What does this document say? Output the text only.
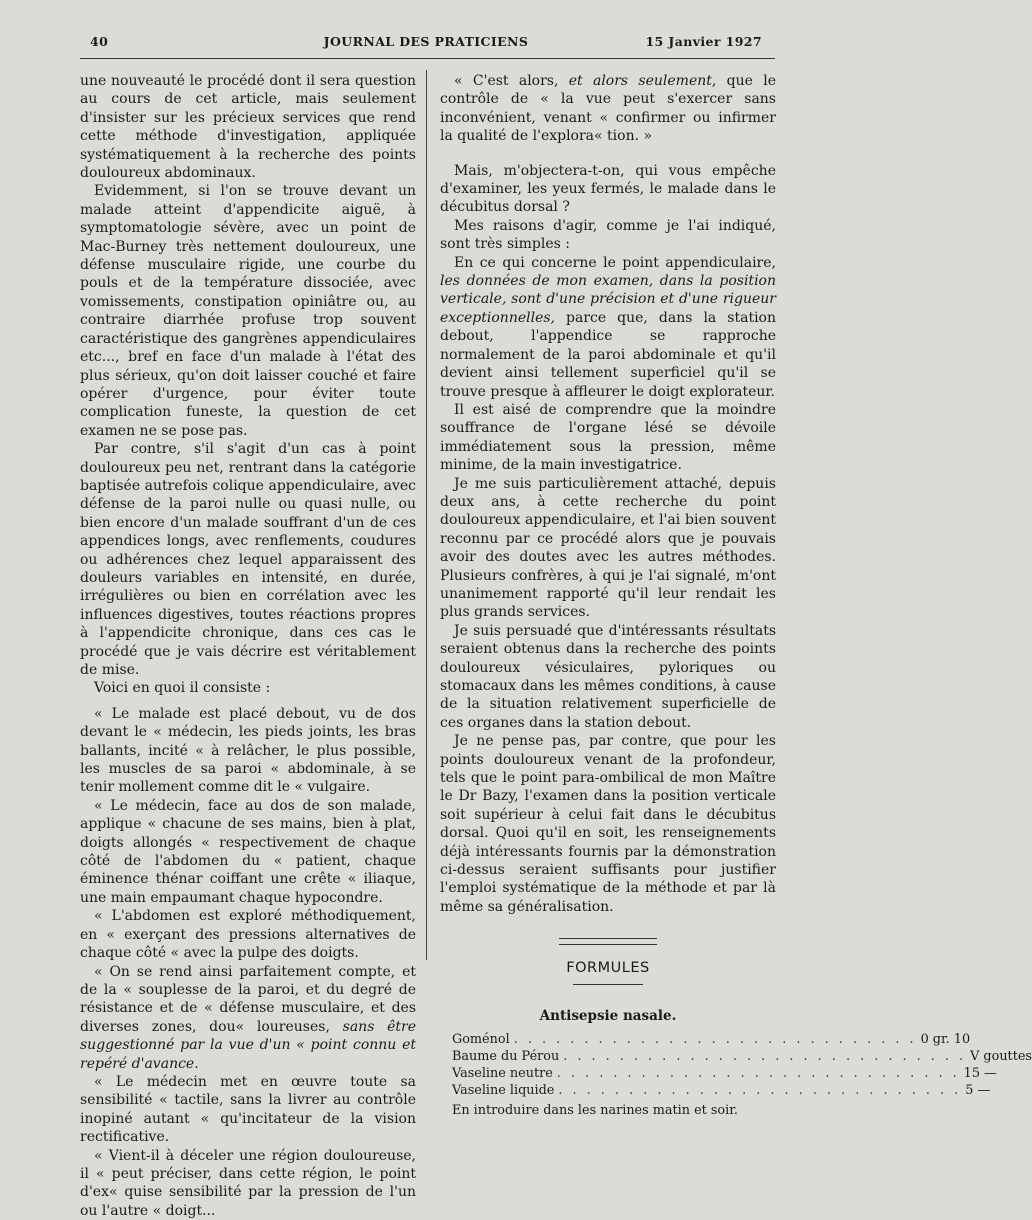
JOURNAL DES PRATICIENS
40	15 Janvier 1927

une nouveauté le procédé dont il sera question au cours de cet article, mais seulement d'insister sur les précieux services que rend cette méthode d'investigation, appliquée systématiquement à la recherche des points douloureux abdominaux.

Evidemment, si l'on se trouve devant un malade atteint d'appendicite aiguë, à symptomatologie sévère, avec un point de Mac-Burney très nettement douloureux, une défense musculaire rigide, une courbe du pouls et de la température dissociée, avec vomissements, constipation opiniâtre ou, au contraire diarrhée profuse trop souvent caractéristique des gangrènes appendiculaires etc..., bref en face d'un malade à l'état des plus sérieux, qu'on doit laisser couché et faire opérer d'urgence, pour éviter toute complication funeste, la question de cet examen ne se pose pas.

Par contre, s'il s'agit d'un cas à point douloureux peu net, rentrant dans la catégorie baptisée autrefois colique appendiculaire, avec défense de la paroi nulle ou quasi nulle, ou bien encore d'un malade souffrant d'un de ces appendices longs, avec renflements, coudures ou adhérences chez lequel apparaissent des douleurs variables en intensité, en durée, irrégulières ou bien en corrélation avec les influences digestives, toutes réactions propres à l'appendicite chronique, dans ces cas le procédé que je vais décrire est véritablement de mise.

Voici en quoi il consiste :

« Le malade est placé debout, vu de dos devant le « médecin, les pieds joints, les bras ballants, incité « à relâcher, le plus possible, les muscles de sa paroi « abdominale, à se tenir mollement comme dit le « vulgaire.

« Le médecin, face au dos de son malade, applique « chacune de ses mains, bien à plat, doigts allongés « respectivement de chaque côté de l'abdomen du « patient, chaque éminence thénar coiffant une crête « iliaque, une main empaumant chaque hypocondre.

« L'abdomen est exploré méthodiquement, en « exerçant des pressions alternatives de chaque côté « avec la pulpe des doigts.

« On se rend ainsi parfaitement compte, et de la « souplesse de la paroi, et du degré de résistance et de « défense musculaire, et des diverses zones, dou« loureuses, sans être suggestionné par la vue d'un « point connu et repéré d'avance.

« Le médecin met en œuvre toute sa sensibilité « tactile, sans la livrer au contrôle inopiné autant « qu'incitateur de la vision rectificative.

« Vient-il à déceler une région douloureuse, il « peut préciser, dans cette région, le point d'ex« quise sensibilité par la pression de l'un ou l'autre « doigt...

« C'est alors, et alors seulement, que le contrôle de « la vue peut s'exercer sans inconvénient, venant « confirmer ou infirmer la qualité de l'explora« tion. »

Mais, m'objectera-t-on, qui vous empêche d'examiner, les yeux fermés, le malade dans le décubitus dorsal ?

Mes raisons d'agir, comme je l'ai indiqué, sont très simples :

En ce qui concerne le point appendiculaire, les données de mon examen, dans la position verticale, sont d'une précision et d'une rigueur exceptionnelles, parce que, dans la station debout, l'appendice se rapproche normalement de la paroi abdominale et qu'il devient ainsi tellement superficiel qu'il se trouve presque à affleurer le doigt explorateur.

Il est aisé de comprendre que la moindre souffrance de l'organe lésé se dévoile immédiatement sous la pression, même minime, de la main investigatrice.

Je me suis particulièrement attaché, depuis deux ans, à cette recherche du point douloureux appendiculaire, et l'ai bien souvent reconnu par ce procédé alors que je pouvais avoir des doutes avec les autres méthodes. Plusieurs confrères, à qui je l'ai signalé, m'ont unanimement rapporté qu'il leur rendait les plus grands services.

Je suis persuadé que d'intéressants résultats seraient obtenus dans la recherche des points douloureux vésiculaires, pyloriques ou stomacaux dans les mêmes conditions, à cause de la situation relativement superficielle de ces organes dans la station debout.

Je ne pense pas, par contre, que pour les points douloureux venant de la profondeur, tels que le point para-ombilical de mon Maître le Dr Bazy, l'examen dans la position verticale soit supérieur à celui fait dans le décubitus dorsal. Quoi qu'il en soit, les renseignements déjà intéressants fournis par la démonstration ci-dessus seraient suffisants pour justifier l'emploi systématique de la méthode et par là même sa généralisation.

FORMULES
Antisepsie nasale.
Goménol . . . . . . . . . . . . . . . . . . . . . . . . . . . . . 0 gr. 10
Baume du Pérou . . . . . . . . . . . . . . . . . . . . . . . . . . . . . V gouttes
Vaseline neutre . . . . . . . . . . . . . . . . . . . . . . . . . . . . . 15 —
Vaseline liquide . . . . . . . . . . . . . . . . . . . . . . . . . . . . . 5 —
En introduire dans les narines matin et soir.
